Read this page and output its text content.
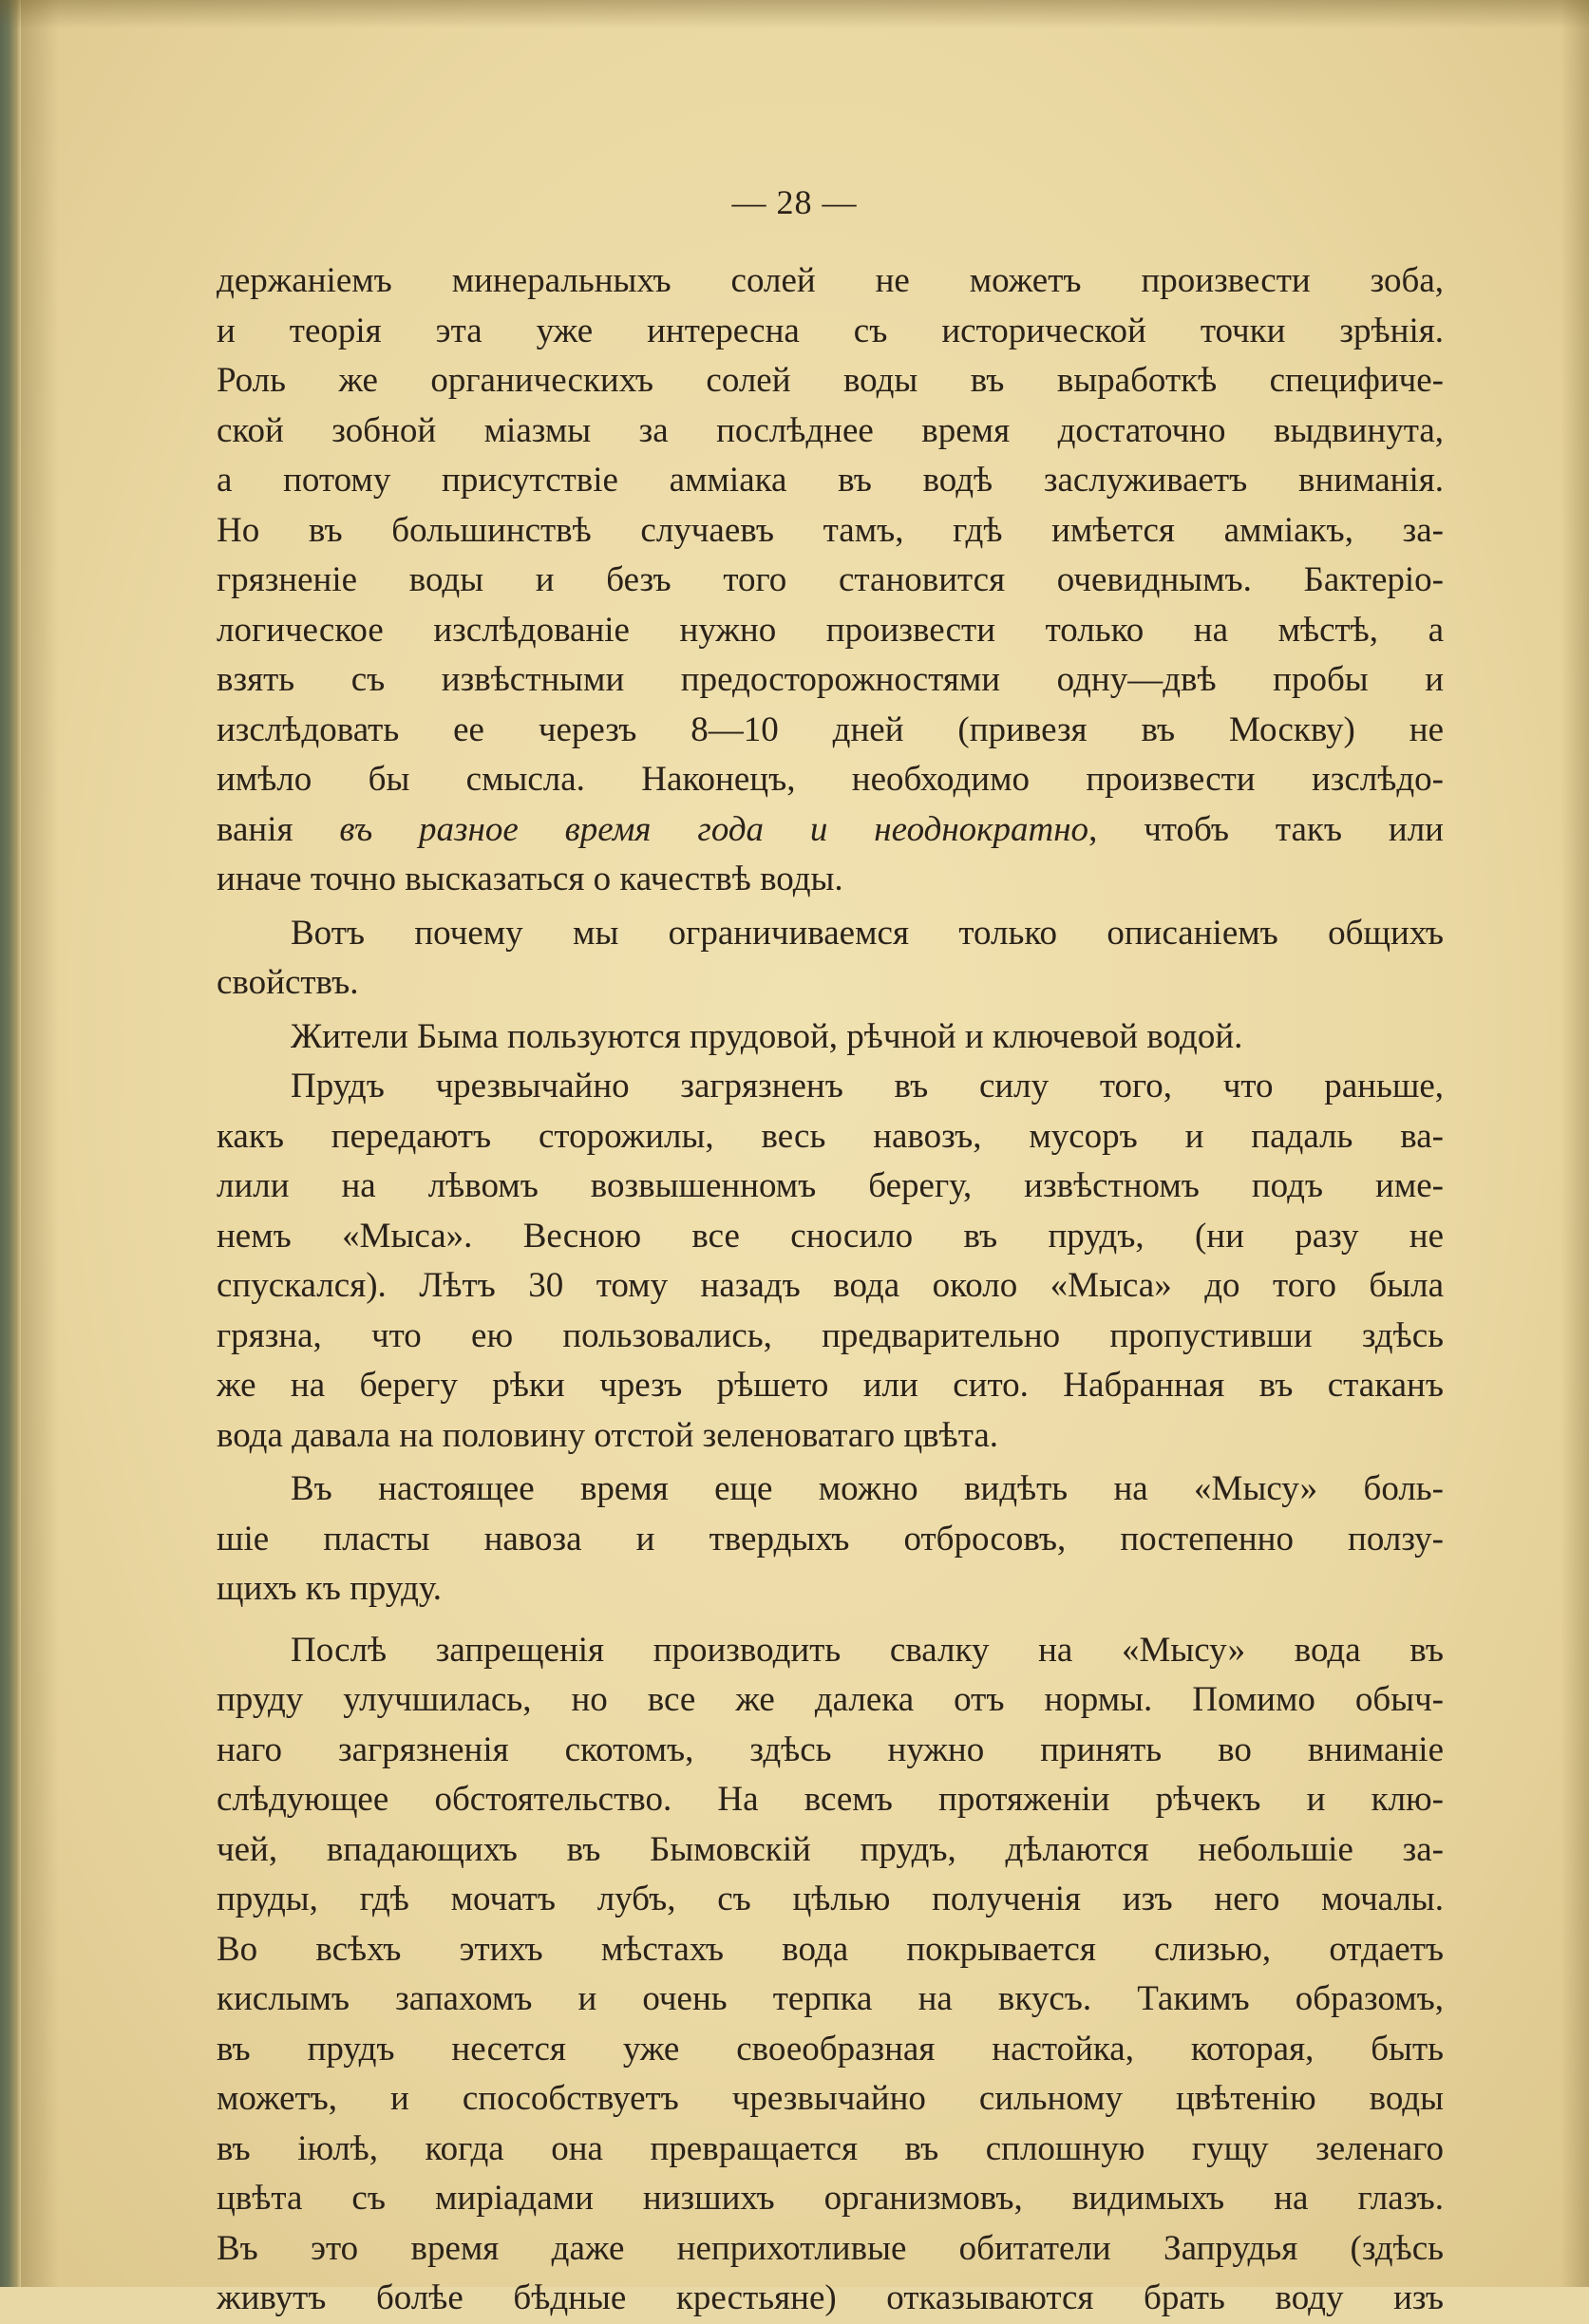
— 28 —
держаніемъ минеральныхъ солей не можетъ произвести зоба,
и теорія эта уже интересна съ исторической точки зрѣнія.
Роль же органическихъ солей воды въ выработкѣ специфиче-
ской зобной міазмы за послѣднее время достаточно выдвинута,
а потому присутствіе амміака въ водѣ заслуживаетъ вниманія.
Но въ большинствѣ случаевъ тамъ, гдѣ имѣется амміакъ, за-
грязненіе воды и безъ того становится очевиднымъ. Бактеріо-
логическое изслѣдованіе нужно произвести только на мѣстѣ, а
взять съ извѣстными предосторожностями одну—двѣ пробы и
изслѣдовать ее черезъ 8—10 дней (привезя въ Москву) не
имѣло бы смысла. Наконецъ, необходимо произвести изслѣдо-
ванія въ разное время года и неоднократно, чтобъ такъ или
иначе точно высказаться о качествѣ воды.
Вотъ почему мы ограничиваемся только описаніемъ общихъ
свойствъ.
Жители Быма пользуются прудовой, рѣчной и ключевой водой.
Прудъ чрезвычайно загрязненъ въ силу того, что раньше,
какъ передаютъ сторожилы, весь навозъ, мусоръ и падаль ва-
лили на лѣвомъ возвышенномъ берегу, извѣстномъ подъ име-
немъ «Мыса». Весною все сносило въ прудъ, (ни разу не
спускался). Лѣтъ 30 тому назадъ вода около «Мыса» до того была
грязна, что ею пользовались, предварительно пропустивши здѣсь
же на берегу рѣки чрезъ рѣшето или сито. Набранная въ стаканъ
вода давала на половину отстой зеленоватаго цвѣта.
Въ настоящее время еще можно видѣть на «Мысу» боль-
шіе пласты навоза и твердыхъ отбросовъ, постепенно ползу-
щихъ къ пруду.
Послѣ запрещенія производить свалку на «Мысу» вода въ
пруду улучшилась, но все же далека отъ нормы. Помимо обыч-
наго загрязненія скотомъ, здѣсь нужно принять во вниманіе
слѣдующее обстоятельство. На всемъ протяженіи рѣчекъ и клю-
чей, впадающихъ въ Бымовскій прудъ, дѣлаются небольшіе за-
пруды, гдѣ мочатъ лубъ, съ цѣлью полученія изъ него мочалы.
Во всѣхъ этихъ мѣстахъ вода покрывается слизью, отдаетъ
кислымъ запахомъ и очень терпка на вкусъ. Такимъ образомъ,
въ прудъ несется уже своеобразная настойка, которая, быть
можетъ, и способствуетъ чрезвычайно сильному цвѣтенію воды
въ іюлѣ, когда она превращается въ сплошную гущу зеленаго
цвѣта съ миріадами низшихъ организмовъ, видимыхъ на глазъ.
Въ это время даже неприхотливые обитатели Запрудья (здѣсь
живутъ болѣе бѣдные крестьяне) отказываются брать воду изъ
